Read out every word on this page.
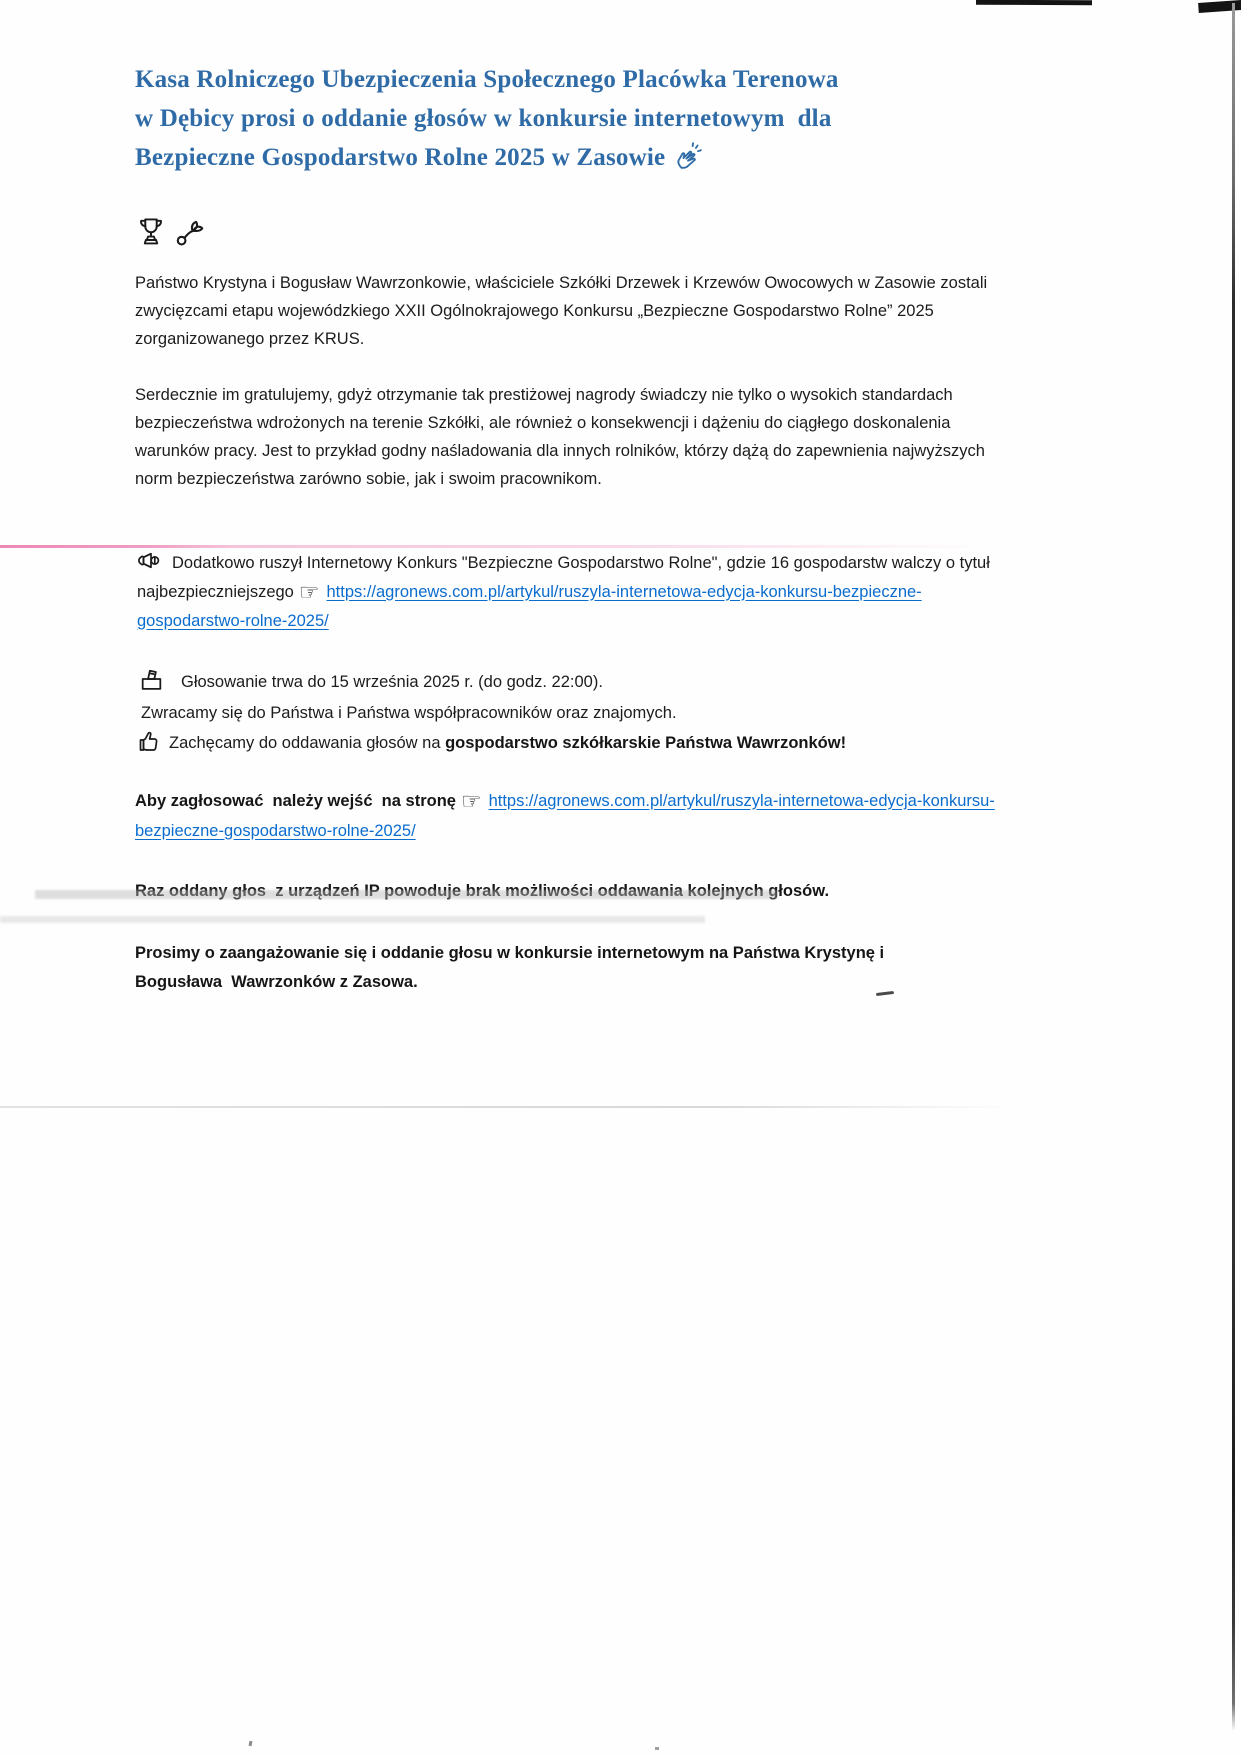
Kasa Rolniczego Ubezpieczenia Społecznego Placówka Terenowa
w Dębicy prosi o oddanie głosów w konkursie internetowym  dla
Bezpieczne Gospodarstwo Rolne 2025 w Zasowie

Państwo Krystyna i Bogusław Wawrzonkowie, właściciele Szkółki Drzewek i Krzewów Owocowych w Zasowie zostali zwycięzcami etapu wojewódzkiego XXII Ogólnokrajowego Konkursu „Bezpieczne Gospodarstwo Rolne” 2025 zorganizowanego przez KRUS.

Serdecznie im gratulujemy, gdyż otrzymanie tak prestiżowej nagrody świadczy nie tylko o wysokich standardach bezpieczeństwa wdrożonych na terenie Szkółki, ale również o konsekwencji i dążeniu do ciągłego doskonalenia warunków pracy. Jest to przykład godny naśladowania dla innych rolników, którzy dążą do zapewnienia najwyższych norm bezpieczeństwa zarówno sobie, jak i swoim pracownikom.

Dodatkowo ruszył Internetowy Konkurs "Bezpieczne Gospodarstwo Rolne", gdzie 16 gospodarstw walczy o tytuł najbezpieczniejszego ☞ https://agronews.com.pl/artykul/ruszyla-internetowa-edycja-konkursu-bezpieczne-gospodarstwo-rolne-2025/

Głosowanie trwa do 15 września 2025 r. (do godz. 22:00).

Zwracamy się do Państwa i Państwa współpracowników oraz znajomych.

Zachęcamy do oddawania głosów na gospodarstwo szkółkarskie Państwa Wawrzonków!

Aby zagłosować  należy wejść  na stronę ☞ https://agronews.com.pl/artykul/ruszyla-internetowa-edycja-konkursu-bezpieczne-gospodarstwo-rolne-2025/

Raz oddany głos  z urządzeń IP powoduje brak możliwości oddawania kolejnych głosów.

Prosimy o zaangażowanie się i oddanie głosu w konkursie internetowym na Państwa Krystynę i Bogusława  Wawrzonków z Zasowa.
